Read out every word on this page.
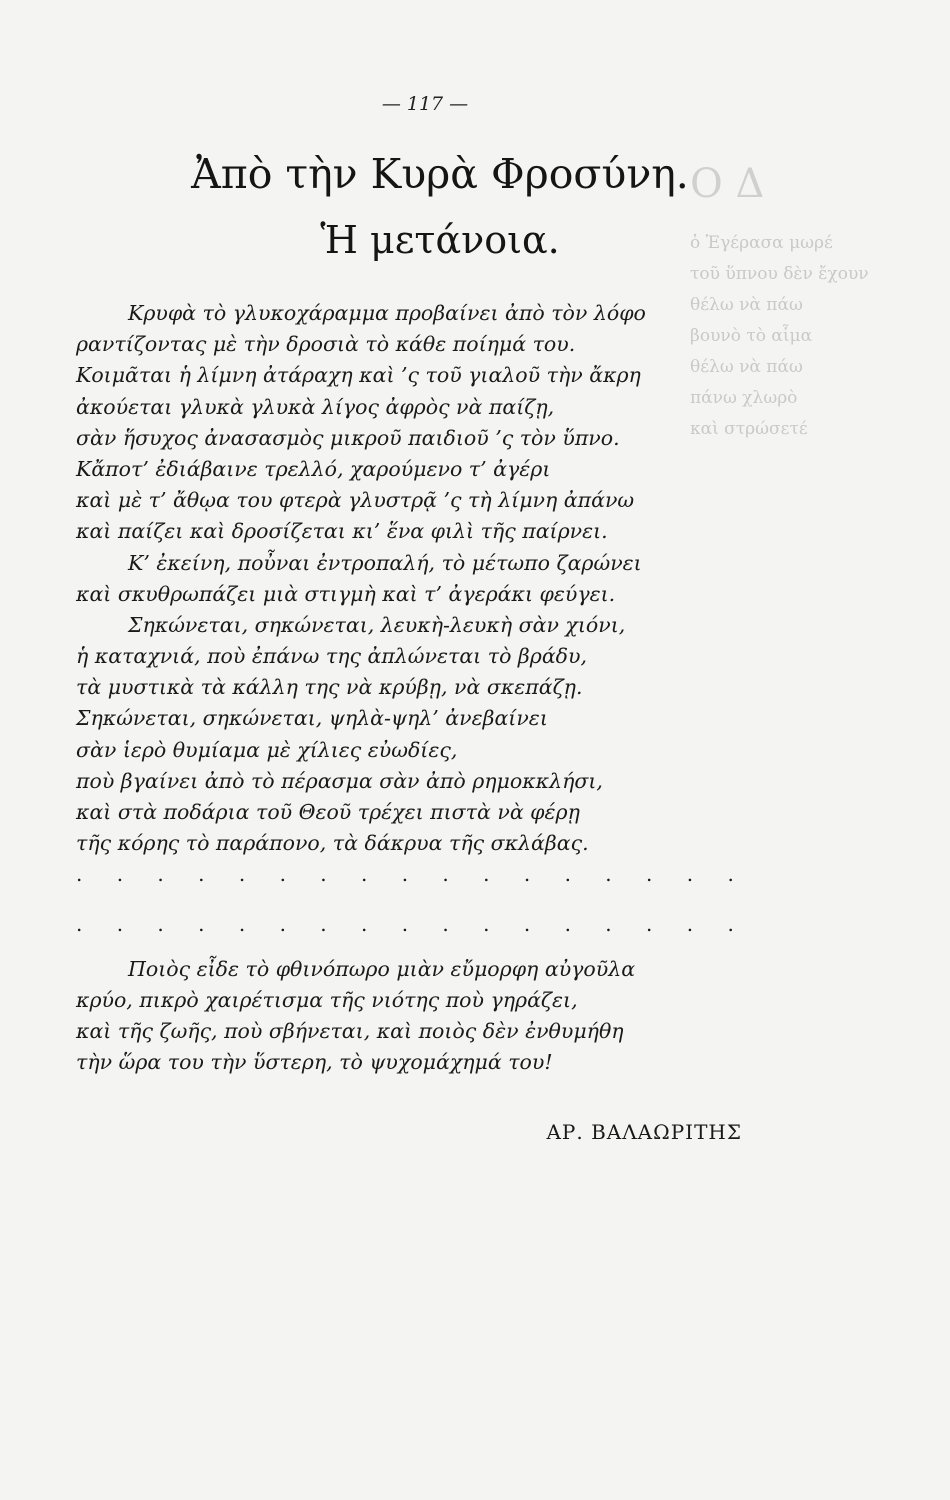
Ο Δ
ὁ Ἐγέρασα μωρέ
τοῦ ὕπνου δὲν ἔχουν
θέλω νὰ πάω
βουνὸ τὸ αἷμα
θέλω νὰ πάω
πάνω χλωρὸ
καὶ στρώσετέ
— 117 —
Ἀπὸ τὴν Κυρὰ Φροσύνη.
Ἡ μετάνοια.
Κρυφὰ τὸ γλυκοχάραμμα προβαίνει ἀπὸ τὸν λόφο
ραντίζοντας μὲ τὴν δροσιὰ τὸ κάθε ποίημά του.
Κοιμᾶται ἡ λίμνη ἀτάραχη καὶ ’ς τοῦ γιαλοῦ τὴν ἄκρη
ἀκούεται γλυκὰ γλυκὰ λίγος ἀφρὸς νὰ παίζῃ,
σὰν ἥσυχος ἀνασασμὸς μικροῦ παιδιοῦ ’ς τὸν ὕπνο.
Κἄποτ’ ἐδιάβαινε τρελλό, χαρούμενο τ’ ἀγέρι
καὶ μὲ τ’ ἄθῳα του φτερὰ γλυστρᾷ ’ς τὴ λίμνη ἀπάνω
καὶ παίζει καὶ δροσίζεται κι’ ἕνα φιλὶ τῆς παίρνει.
Κ’ ἐκείνη, ποὖναι ἐντροπαλή, τὸ μέτωπο ζαρώνει
καὶ σκυθρωπάζει μιὰ στιγμὴ καὶ τ’ ἀγεράκι φεύγει.
Σηκώνεται, σηκώνεται, λευκὴ-λευκὴ σὰν χιόνι,
ἡ καταχνιά, ποὺ ἐπάνω της ἀπλώνεται τὸ βράδυ,
τὰ μυστικὰ τὰ κάλλη της νὰ κρύβῃ, νὰ σκεπάζῃ.
Σηκώνεται, σηκώνεται, ψηλὰ-ψηλ’ ἀνεβαίνει
σὰν ἱερὸ θυμίαμα μὲ χίλιες εὐωδίες,
ποὺ βγαίνει ἀπὸ τὸ πέρασμα σὰν ἀπὸ ρημοκκλήσι,
καὶ στὰ ποδάρια τοῦ Θεοῦ τρέχει πιστὰ νὰ φέρῃ
τῆς κόρης τὸ παράπονο, τὰ δάκρυα τῆς σκλάβας.
. . . . . . . . . . . . . . . . .
. . . . . . . . . . . . . . . . .
Ποιὸς εἶδε τὸ φθινόπωρο μιὰν εὔμορφη αὐγοῦλα
κρύο, πικρὸ χαιρέτισμα τῆς νιότης ποὺ γηράζει,
καὶ τῆς ζωῆς, ποὺ σβήνεται, καὶ ποιὸς δὲν ἐνθυμήθη
τὴν ὥρα του τὴν ὕστερη, τὸ ψυχομάχημά του!
ΑΡ. ΒΑΛΑΩΡΙΤΗΣ
